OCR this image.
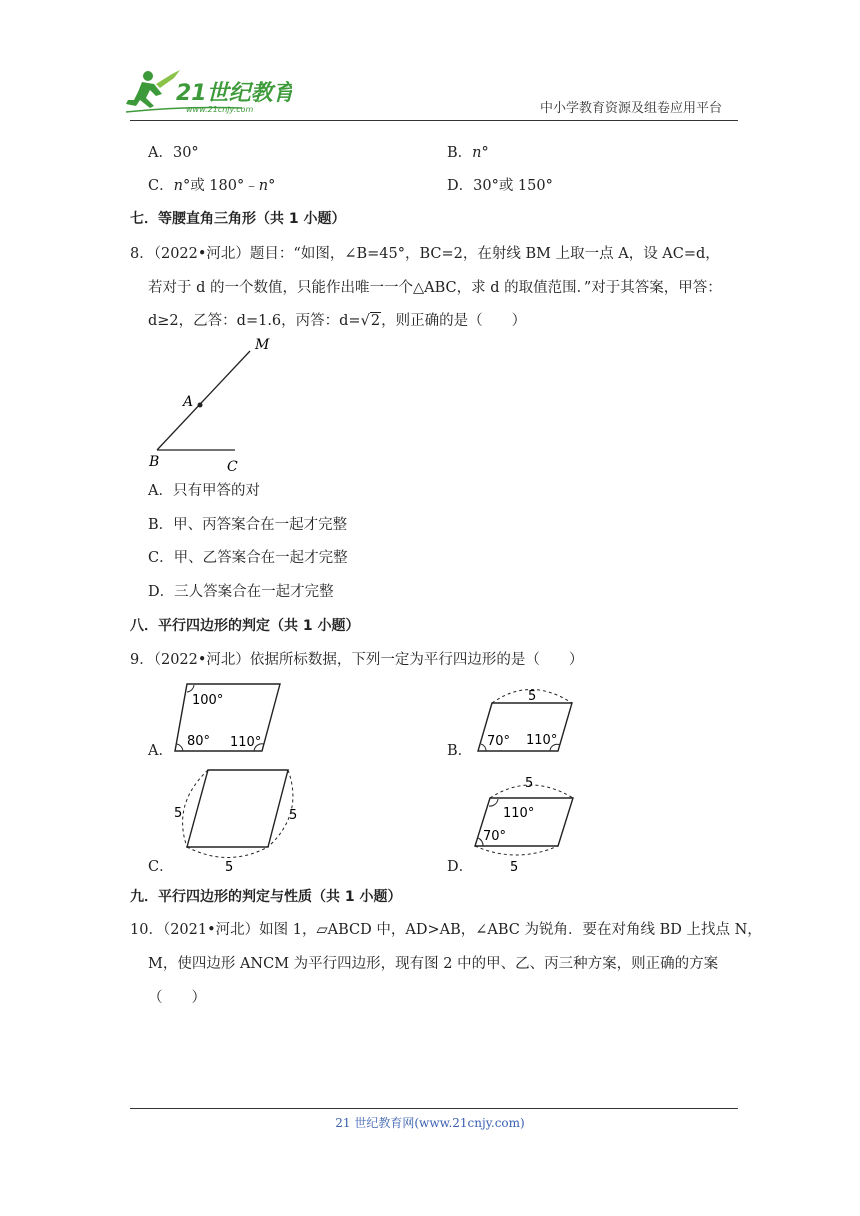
21世纪教育
www.21cnjy.com	中小学教育资源及组卷应用平台
A．30°	B．n°
C．n°或 180°﹣n°	D．30°或 150°
七．等腰直角三角形（共 1 小题）
8．（2022•河北）题目：“如图，∠B=45°，BC=2，在射线 BM 上取一点 A，设 AC=d，
若对于 d 的一个数值，只能作出唯一一个△ABC，求 d 的取值范围．”对于其答案，甲答：
d≥2，乙答：d=1.6，丙答：d=√2，则正确的是（　　）
M
A
B	C
A．只有甲答的对
B．甲、丙答案合在一起才完整
C．甲、乙答案合在一起才完整
D．三人答案合在一起才完整
八．平行四边形的判定（共 1 小题）
9．（2022•河北）依据所标数据，下列一定为平行四边形的是（　　）
A．
100°
80° 110°
B．
5
70° 110°
C．
5	5
5	D．
5
110°
70°
5
九．平行四边形的判定与性质（共 1 小题）
10．（2021•河北）如图 1，▱ABCD 中，AD>AB，∠ABC 为锐角．要在对角线 BD 上找点 N，
M，使四边形 ANCM 为平行四边形，现有图 2 中的甲、乙、丙三种方案，则正确的方案
（　　）
21 世纪教育网(www.21cnjy.com)
